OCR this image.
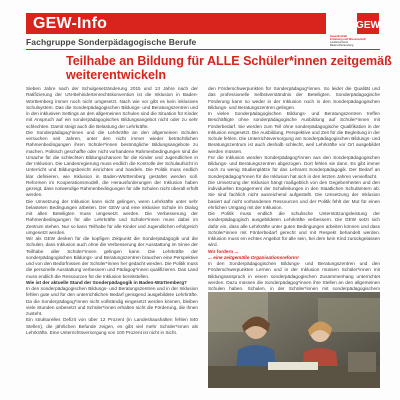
GEW-Info	GEW
Gewerkschaft
Erziehung und Wissenschaft
Landesverband
Baden-Württemberg
Fachgruppe Sonderpädagogische Berufe
Teilhabe an Bildung für ALLE Schüler*innen zeitgemäß
weiterentwickeln

Sieben Jahre nach der Schulgesetzänderung 2015 und 13 Jahre nach der Ratifizierung der UN-Behindertenrechtskonvention ist die Inklusion in Baden-Württemberg immer noch nicht umgesetzt. Nach wie vor gibt es kein inklusives Schulsystem. Das die Sonderpädagogischen Bildungs- und Beratungszentren und in den inklusiven Settings an den allgemeinen Schulen sind die Situation für Kinder mit Anspruch auf ein sonderpädagogisches Bildungsangebot nicht oder zu sehr schlechten. Damit steigt auch die Belastung der Lehrkräfte.

Die Sonderpädagog*innen und die Lehrkräfte an den allgemeinen Schulen versuchen seit Jahren, unter den nicht immer wieder beträchtlichen Rahmenbedingungen ihren Schüler*innen bestmögliche Bildungsangebote zu machen. Politisch geschaffte oder nicht vorhandene Rahmenbedingungen sind die Ursache für die schlechten Bildungschancen für die Kinder und Jugendlichen in der Inklusion. Die Landesregierung muss endlich die Kontrolle der Schulaufsicht in Unterricht und Bildungsbericht einrichten und handeln. Die Politik muss endlich klar definieren, wie Inklusion in Baden-Württemberg gestaltet werden soll. Reformen im Kooperationsmodell, die Herausforderungen der Inklusion haben gezeigt, dass notwendige Rahmenbedingungen für alle Schulen nicht überall erfüllt werden.

Die Umsetzung der Inklusion kann nicht gelingen, wenn Lehrkräfte unter sehr belasteten Bedingungen arbeiten. Der GEW und eine inklusive Schule im Dialog mit allen Beteiligten muss umgesetzt werden. Die Verbesserung der Rahmenbedingungen für alle Lehrkräfte und Schüler*innen muss dabei im Zentrum stehen. Nur so kann Teilhabe für alle Kinder und Jugendlichen erfolgreich umgesetzt werden.

Wir als GEW denken für die kopfigen Zeitpunkt die Sonderpädagogik und die Schulen, dass Inklusion auch ohne die Verbesserung der Ausstattung im Sinne der Teilhabe aller Schüler*innen gelingen kann. Die Lehrkräfte der sonderpädagogischen Bildungs- und Beratungszentren brauchen eine Perspektive und von den Bedürfnissen der Schüler*innen her gedacht werden. Die Politik muss die personelle Ausstattung verbessern und Pädagog*innen qualifizieren. Das Land muss endlich die Ressourcen für die Inklusion bereitstellen.

Wie ist der aktuelle Stand der Sonderpädagogik in Baden-Württemberg?

In den sonderpädagogischen Bildungs- und Beratungszentren und in der Inklusion fehlen gute und für den unterrichtlichen Bedarf genügend ausgebildete Lehrkräfte. Da die Sonderpädagog*innen nicht vollständig eingesetzt werden können, bleiben viele Stunden unbesetzt und Schüler*innen erhalten nicht die Förderung, die ihnen zusteht.

Ein strukturelles Defizit von über 12 Prozent (in Landeshaushalten fehlen 840 Stellen), die jährlichen Befunde zeigen, es gibt viel mehr Schüler*innen als Lehrkräfte. Eine Unterrichtsversorgung von 100 Prozent ist nicht in Sicht.

den Förderschwerpunkten für Sonderpädagog*innen. So leidet die Qualität und das professionelle Selbstverständnis der Beteiligten. Sonderpädagogische Förderung kann so weder in der Inklusion noch in den Sonderpädagogischen Bildungs- und Beratungszentren gelingen.

In vielen Sonderpädagogischen Bildungs- und Beratungszentren treffen Beschäftigte ohne sonderpädagogische Ausbildung auf Schüler*innen mit Förderbedarf. Sie werden zum Teil ohne sonderpädagogische Qualifikation in der Inklusion eingesetzt. Die Ausbildung, Perspektive und Zeit für die Begleitung in der Schule fehlen. Die Unterrichtsversorgung am Sonderpädagogischen Bildungs- und Beratungszentrum ist auch deshalb schlecht, weil Lehrkräfte vor Ort ausgebildet werden müssen.

Für die Inklusion werden Sonderpädagog*innen aus den Sonderpädagogischen Bildungs- und Beratungszentren abgezogen. Dort fehlen sie dann. Es gibt immer noch zu wenig Studienplätze für das Lehramt Sonderpädagogik. Der Bedarf an Sonderpädagog*innen für die Inklusion hat sich in den letzten Jahren vervielfacht.

Die Umsetzung der Inklusion hängt maßgeblich von den Gegebenheiten und den individuellen Engagement der Schulleitungen in den Staatlichen Schulämtern ab. Sie sind fachlich nicht ausreichend aufgestellt. Die Umsetzung der Inklusion basiert auf nicht vorhandenen Ressourcen und der Politik fehlt der Mut für einen ehrlichen Umgang mit der Inklusion.

Die Politik muss endlich die schulische Unterstützungsleistung der sonderpädagogisch ausgebildeten Lehrkräfte verbessern. Die GEW setzt sich dafür ein, dass alle Lehrkräfte unter guten Bedingungen arbeiten können und dass Schüler*innen mit Förderbedarf gerecht und mit Respekt behandelt werden. Inklusion muss ein echtes Angebot für alle sein, bei dem kein Kind zurückgelassen wird.

Wir fordern ...

... eine zeitgemäße Organisationsreform!

In den Sonderpädagogischen Bildungs- und Beratungszentren und den Förderschwerpunkten Lernen und in der Inklusion müssen Schüler*innen mit Bildungsanspruch in einem sonderpädagogischen Zusammenhang unterrichtet werden. Dazu müssen die Sonderpädagog*innen ihre Stellen an den allgemeinen Schulen haben. Schulen, in der Schüler*innen mit sonderpädagogischem
